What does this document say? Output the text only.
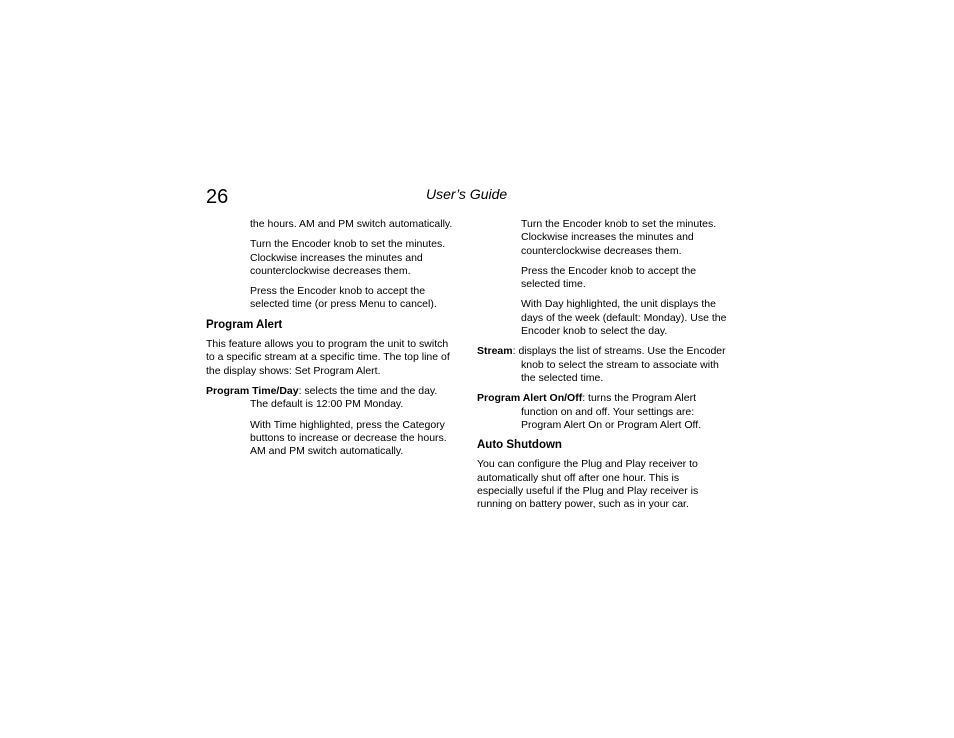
26	User’s Guide

the hours. AM and PM switch automatically.

Turn the Encoder knob to set the minutes. Clockwise increases the minutes and counterclockwise decreases them.

Press the Encoder knob to accept the selected time (or press Menu to cancel).

Program Alert

This feature allows you to program the unit to switch to a specific stream at a specific time. The top line of the display shows: Set Program Alert.

Program Time/Day: selects the time and the day. The default is 12:00 PM Monday.

With Time highlighted, press the Category buttons to increase or decrease the hours. AM and PM switch automatically.

Turn the Encoder knob to set the minutes. Clockwise increases the minutes and counterclockwise decreases them.

Press the Encoder knob to accept the selected time.

With Day highlighted, the unit displays the days of the week (default: Monday). Use the Encoder knob to select the day.

Stream: displays the list of streams. Use the Encoder knob to select the stream to associate with the selected time.

Program Alert On/Off: turns the Program Alert function on and off. Your settings are: Program Alert On or Program Alert Off.

Auto Shutdown

You can configure the Plug and Play receiver to automatically shut off after one hour. This is especially useful if the Plug and Play receiver is running on battery power, such as in your car.
